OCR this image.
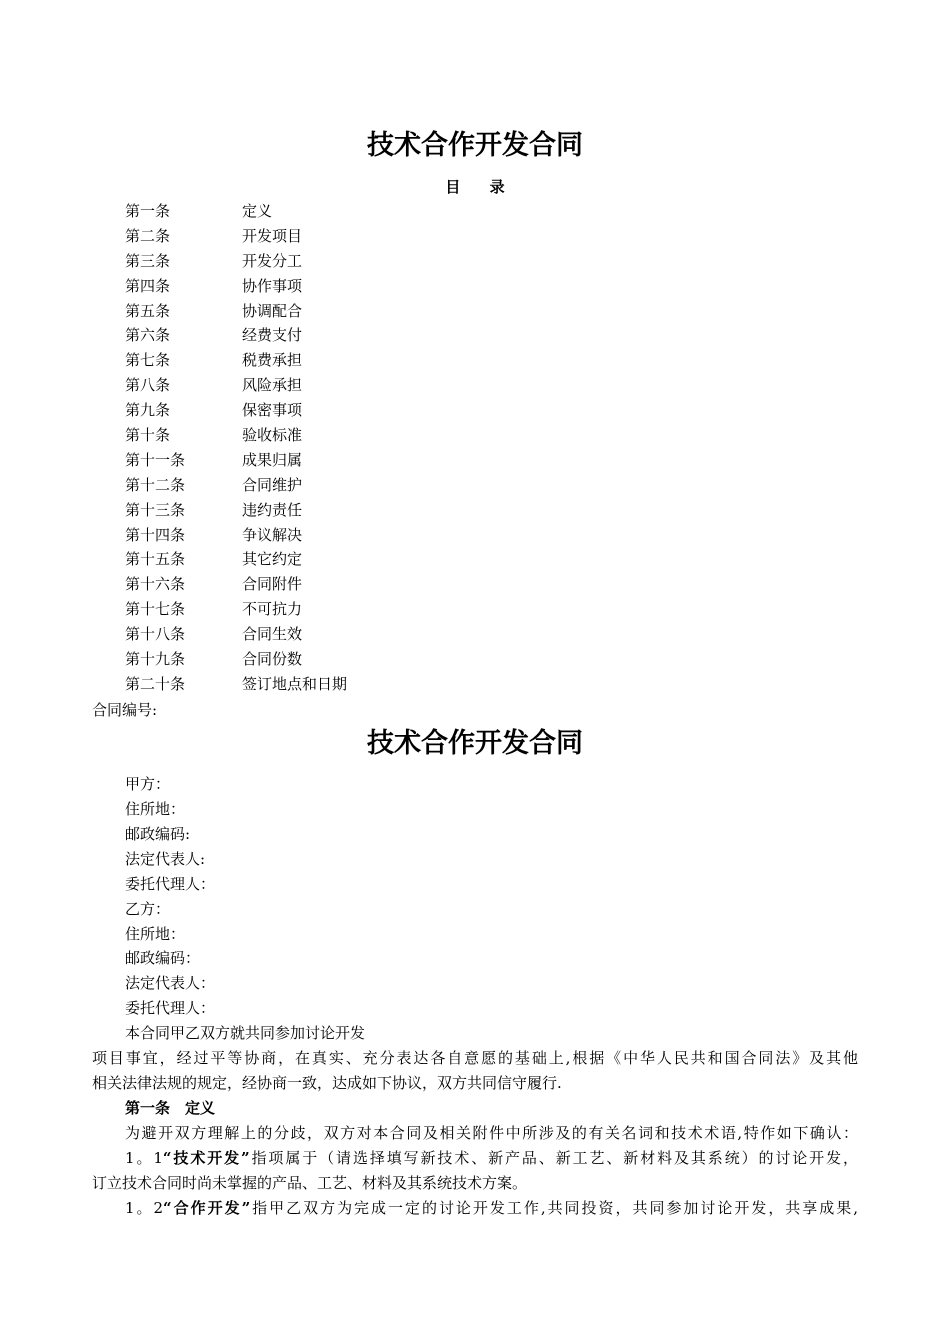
技术合作开发合同
目 录
第一条	定义
第二条	开发项目
第三条	开发分工
第四条	协作事项
第五条	协调配合
第六条	经费支付
第七条	税费承担
第八条	风险承担
第九条	保密事项
第十条	验收标准
第十一条	成果归属
第十二条	合同维护
第十三条	违约责任
第十四条	争议解决
第十五条	其它约定
第十六条	合同附件
第十七条	不可抗力
第十八条	合同生效
第十九条	合同份数
第二十条	签订地点和日期
合同编号:
技术合作开发合同
甲方：
住所地：
邮政编码:
法定代表人:
委托代理人：
乙方：
住所地：
邮政编码：
法定代表人：
委托代理人：
本合同甲乙双方就共同参加讨论开发
项目事宜，经过平等协商，在真实、充分表达各自意愿的基础上,根据《中华人民共和国合同法》及其他
相关法律法规的规定，经协商一致，达成如下协议，双方共同信守履行.
第一条　定义
为避开双方理解上的分歧，双方对本合同及相关附件中所涉及的有关名词和技术术语,特作如下确认：
1。1“技术开发”指项属于（请选择填写新技术、新产品、新工艺、新材料及其系统）的讨论开发，
订立技术合同时尚未掌握的产品、工艺、材料及其系统技术方案。
1。2“合作开发”指甲乙双方为完成一定的讨论开发工作,共同投资，共同参加讨论开发，共享成果,
